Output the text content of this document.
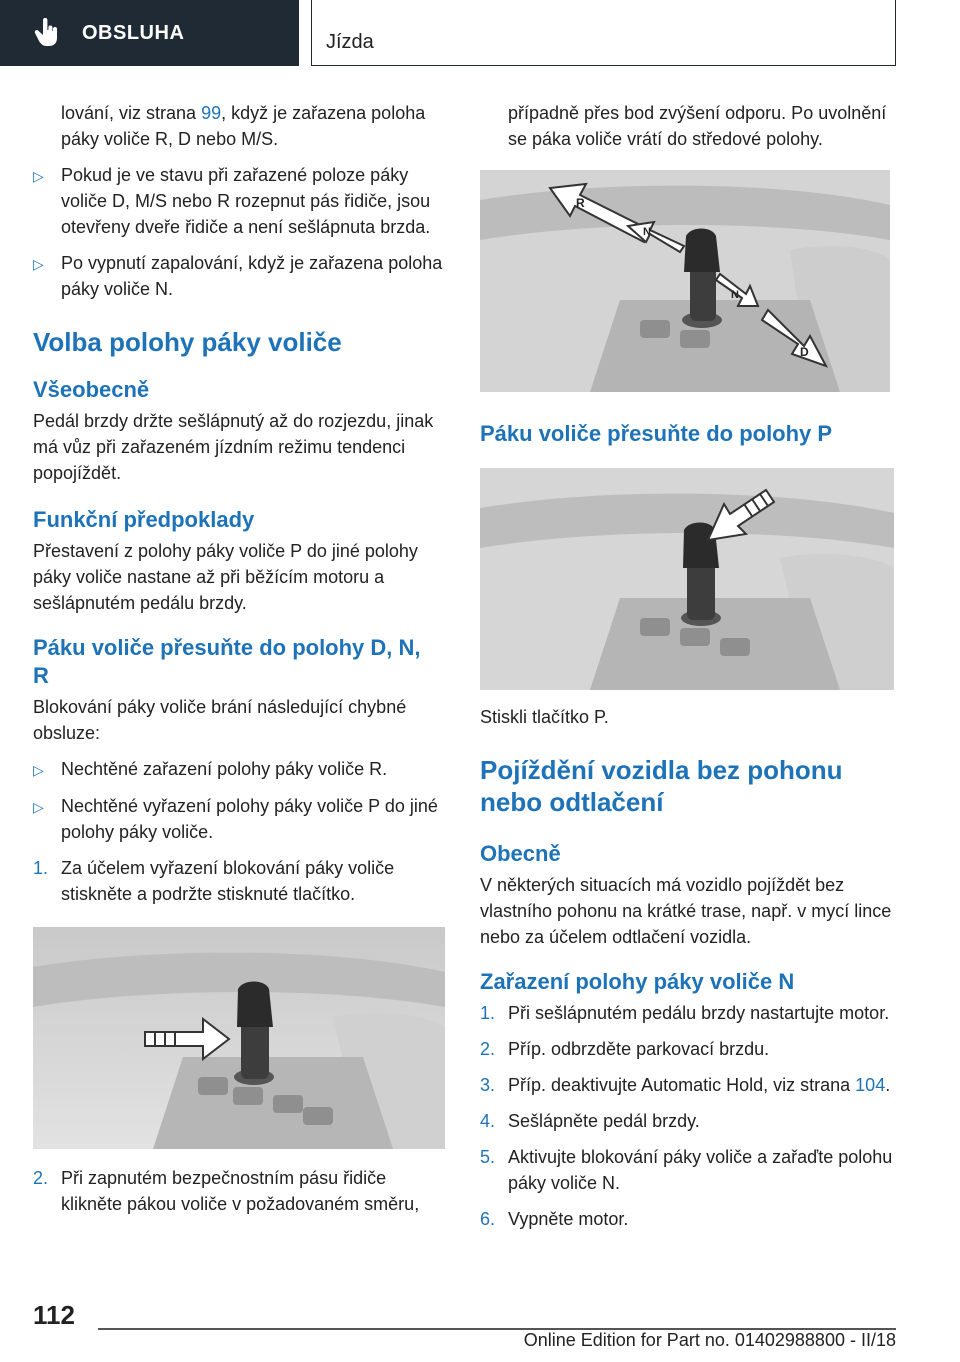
OBSLUHA	Jízda

lování, viz strana 99, když je zařazena poloha páky voliče R, D nebo M/S.

▷ Pokud je ve stavu při zařazené poloze páky voliče D, M/S nebo R rozepnut pás řidiče, jsou otevřeny dveře řidiče a není sešlápnuta brzda.
▷ Po vypnutí zapalování, když je zařazena poloha páky voliče N.
Volba polohy páky voliče
Všeobecně

Pedál brzdy držte sešlápnutý až do rozjezdu, jinak má vůz při zařazeném jízdním režimu tendenci popojíždět.

Funkční předpoklady

Přestavení z polohy páky voliče P do jiné polohy páky voliče nastane až při běžícím motoru a sešlápnutém pedálu brzdy.

Páku voliče přesuňte do polohy D, N, R

Blokování páky voliče brání následující chybné obsluze:

▷ Nechtěné zařazení polohy páky voliče R.
▷ Nechtěné vyřazení polohy páky voliče P do jiné polohy páky voliče.
1. Za účelem vyřazení blokování páky voliče stiskněte a podržte stisknuté tlačítko.
2. Při zapnutém bezpečnostním pásu řidiče klikněte pákou voliče v požadovaném směru,

případně přes bod zvýšení odporu. Po uvolnění se páka voliče vrátí do středové polohy.

R
N
N
D
Páku voliče přesuňte do polohy P

Stiskli tlačítko P.

Pojíždění vozidla bez pohonu nebo odtlačení
Obecně

V některých situacích má vozidlo pojíždět bez vlastního pohonu na krátké trase, např. v mycí lince nebo za účelem odtlačení vozidla.

Zařazení polohy páky voliče N
1. Při sešlápnutém pedálu brzdy nastartujte motor.
2. Příp. odbrzděte parkovací brzdu.
3. Příp. deaktivujte Automatic Hold, viz strana 104.
4. Sešlápněte pedál brzdy.
5. Aktivujte blokování páky voliče a zařaďte polohu páky voliče N.
6. Vypněte motor.
112
Online Edition for Part no. 01402988800 - II/18
